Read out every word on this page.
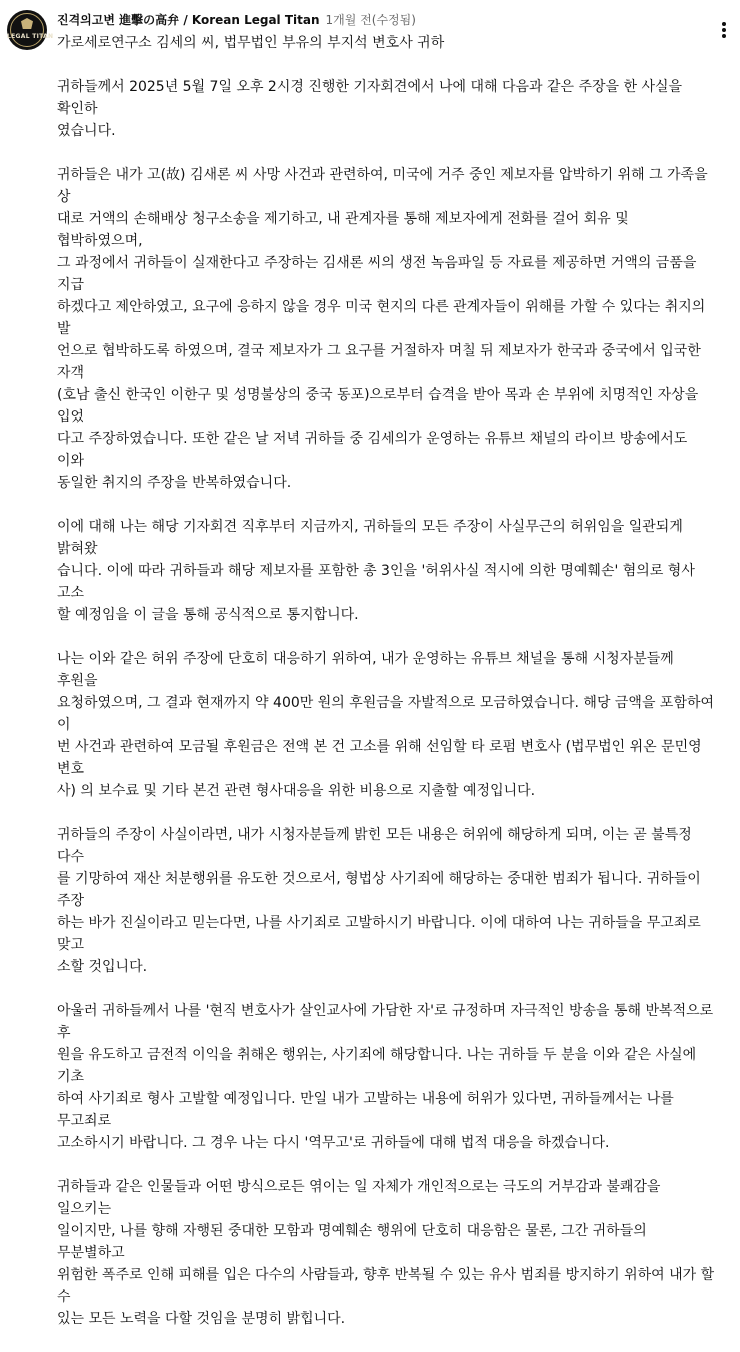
LEGAL TITAN
진격의고변 進擊の高弁 / Korean Legal Titan 1개월 전(수정됨)

가로세로연구소 김세의 씨, 법무법인 부유의 부지석 변호사 귀하

귀하들께서 2025년 5월 7일 오후 2시경 진행한 기자회견에서 나에 대해 다음과 같은 주장을 한 사실을 확인하
였습니다.

귀하들은 내가 고(故) 김새론 씨 사망 사건과 관련하여, 미국에 거주 중인 제보자를 압박하기 위해 그 가족을 상
대로 거액의 손해배상 청구소송을 제기하고, 내 관계자를 통해 제보자에게 전화를 걸어 회유 및 협박하였으며,
그 과정에서 귀하들이 실재한다고 주장하는 김새론 씨의 생전 녹음파일 등 자료를 제공하면 거액의 금품을 지급
하겠다고 제안하였고, 요구에 응하지 않을 경우 미국 현지의 다른 관계자들이 위해를 가할 수 있다는 취지의 발
언으로 협박하도록 하였으며, 결국 제보자가 그 요구를 거절하자 며칠 뒤 제보자가 한국과 중국에서 입국한 자객
(호남 출신 한국인 이한구 및 성명불상의 중국 동포)으로부터 습격을 받아 목과 손 부위에 치명적인 자상을 입었
다고 주장하였습니다. 또한 같은 날 저녁 귀하들 중 김세의가 운영하는 유튜브 채널의 라이브 방송에서도 이와
동일한 취지의 주장을 반복하였습니다.

이에 대해 나는 해당 기자회견 직후부터 지금까지, 귀하들의 모든 주장이 사실무근의 허위임을 일관되게 밝혀왔
습니다. 이에 따라 귀하들과 해당 제보자를 포함한 총 3인을 '허위사실 적시에 의한 명예훼손' 혐의로 형사 고소
할 예정임을 이 글을 통해 공식적으로 통지합니다.

나는 이와 같은 허위 주장에 단호히 대응하기 위하여, 내가 운영하는 유튜브 채널을 통해 시청자분들께 후원을
요청하였으며, 그 결과 현재까지 약 400만 원의 후원금을 자발적으로 모금하였습니다. 해당 금액을 포함하여 이
번 사건과 관련하여 모금될 후원금은 전액 본 건 고소를 위해 선임할 타 로펌 변호사 (법무법인 위온 문민영 변호
사) 의 보수료 및 기타 본건 관련 형사대응을 위한 비용으로 지출할 예정입니다.

귀하들의 주장이 사실이라면, 내가 시청자분들께 밝힌 모든 내용은 허위에 해당하게 되며, 이는 곧 불특정 다수
를 기망하여 재산 처분행위를 유도한 것으로서, 형법상 사기죄에 해당하는 중대한 범죄가 됩니다. 귀하들이 주장
하는 바가 진실이라고 믿는다면, 나를 사기죄로 고발하시기 바랍니다. 이에 대하여 나는 귀하들을 무고죄로 맞고
소할 것입니다.

아울러 귀하들께서 나를 '현직 변호사가 살인교사에 가담한 자'로 규정하며 자극적인 방송을 통해 반복적으로 후
원을 유도하고 금전적 이익을 취해온 행위는, 사기죄에 해당합니다. 나는 귀하들 두 분을 이와 같은 사실에 기초
하여 사기죄로 형사 고발할 예정입니다. 만일 내가 고발하는 내용에 허위가 있다면, 귀하들께서는 나를 무고죄로
고소하시기 바랍니다. 그 경우 나는 다시 '역무고'로 귀하들에 대해 법적 대응을 하겠습니다.

귀하들과 같은 인물들과 어떤 방식으로든 엮이는 일 자체가 개인적으로는 극도의 거부감과 불쾌감을 일으키는
일이지만, 나를 향해 자행된 중대한 모함과 명예훼손 행위에 단호히 대응함은 물론, 그간 귀하들의 무분별하고
위험한 폭주로 인해 피해를 입은 다수의 사람들과, 향후 반복될 수 있는 유사 범죄를 방지하기 위하여 내가 할 수
있는 모든 노력을 다할 것임을 분명히 밝힙니다.
